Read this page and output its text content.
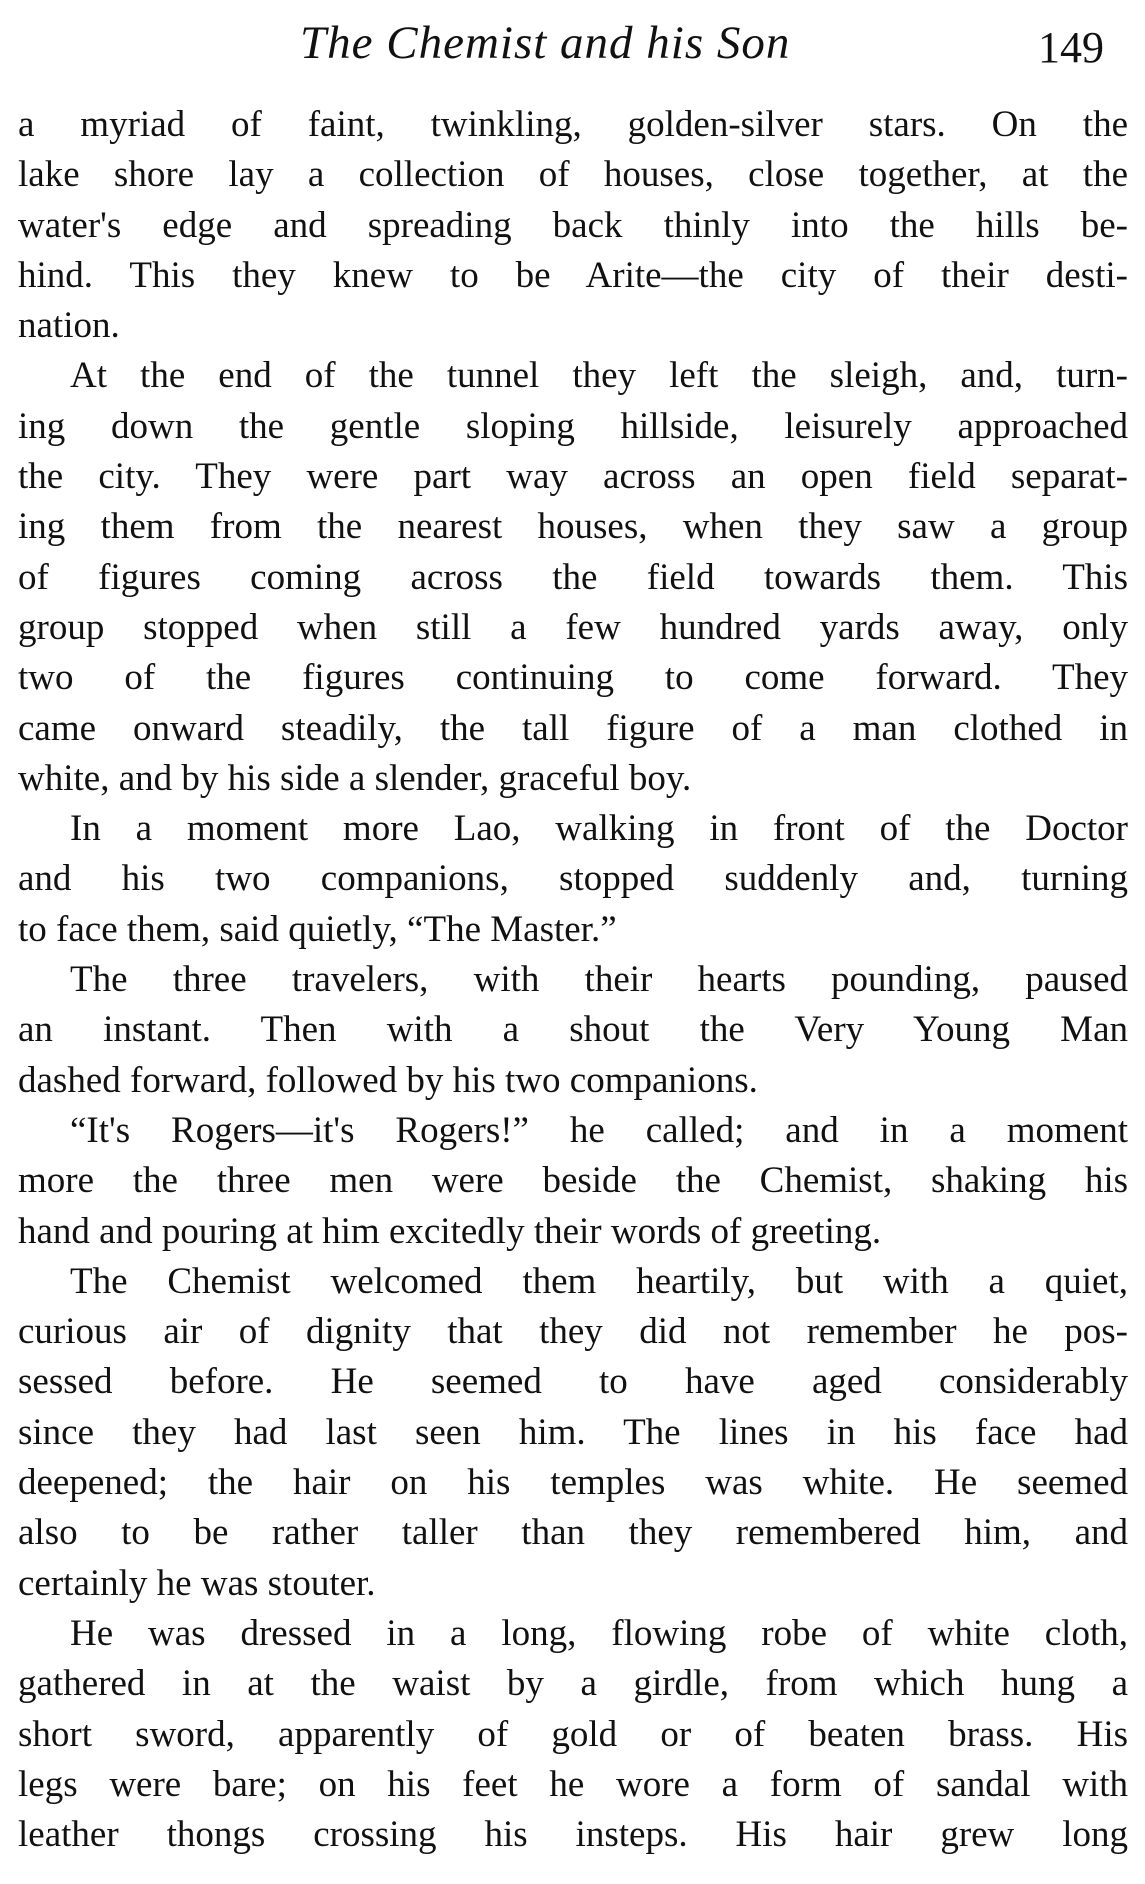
The Chemist and his Son	149
a myriad of faint, twinkling, golden-silver stars. On the
lake shore lay a collection of houses, close together, at the
water's edge and spreading back thinly into the hills be-
hind. This they knew to be Arite—the city of their desti-
nation.
At the end of the tunnel they left the sleigh, and, turn-
ing down the gentle sloping hillside, leisurely approached
the city. They were part way across an open field separat-
ing them from the nearest houses, when they saw a group
of figures coming across the field towards them. This
group stopped when still a few hundred yards away, only
two of the figures continuing to come forward. They
came onward steadily, the tall figure of a man clothed in
white, and by his side a slender, graceful boy.
In a moment more Lao, walking in front of the Doctor
and his two companions, stopped suddenly and, turning
to face them, said quietly, “The Master.”
The three travelers, with their hearts pounding, paused
an instant. Then with a shout the Very Young Man
dashed forward, followed by his two companions.
“It's Rogers—it's Rogers!” he called; and in a moment
more the three men were beside the Chemist, shaking his
hand and pouring at him excitedly their words of greeting.
The Chemist welcomed them heartily, but with a quiet,
curious air of dignity that they did not remember he pos-
sessed before. He seemed to have aged considerably
since they had last seen him. The lines in his face had
deepened; the hair on his temples was white. He seemed
also to be rather taller than they remembered him, and
certainly he was stouter.
He was dressed in a long, flowing robe of white cloth,
gathered in at the waist by a girdle, from which hung a
short sword, apparently of gold or of beaten brass. His
legs were bare; on his feet he wore a form of sandal with
leather thongs crossing his insteps. His hair grew long
